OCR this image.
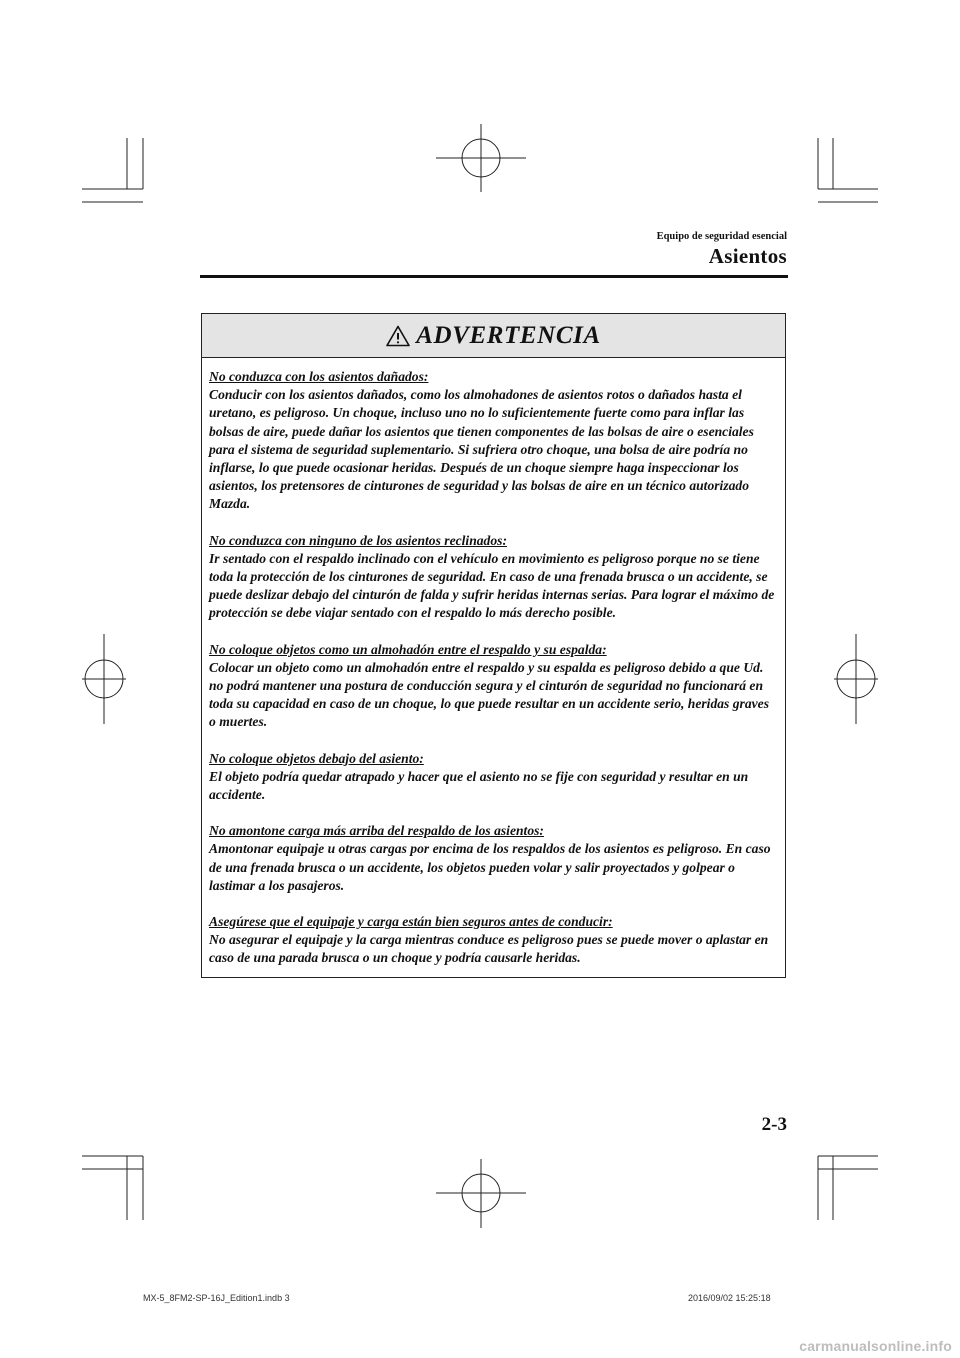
Equipo de seguridad esencial
Asientos
ADVERTENCIA
No conduzca con los asientos dañados:
Conducir con los asientos dañados, como los almohadones de asientos rotos o dañados hasta el uretano, es peligroso. Un choque, incluso uno no lo suficientemente fuerte como para inflar las bolsas de aire, puede dañar los asientos que tienen componentes de las bolsas de aire o esenciales para el sistema de seguridad suplementario. Si sufriera otro choque, una bolsa de aire podría no inflarse, lo que puede ocasionar heridas. Después de un choque siempre haga inspeccionar los asientos, los pretensores de cinturones de seguridad y las bolsas de aire en un técnico autorizado Mazda.
No conduzca con ninguno de los asientos reclinados:
Ir sentado con el respaldo inclinado con el vehículo en movimiento es peligroso porque no se tiene toda la protección de los cinturones de seguridad. En caso de una frenada brusca o un accidente, se puede deslizar debajo del cinturón de falda y sufrir heridas internas serias. Para lograr el máximo de protección se debe viajar sentado con el respaldo lo más derecho posible.
No coloque objetos como un almohadón entre el respaldo y su espalda:
Colocar un objeto como un almohadón entre el respaldo y su espalda es peligroso debido a que Ud. no podrá mantener una postura de conducción segura y el cinturón de seguridad no funcionará en toda su capacidad en caso de un choque, lo que puede resultar en un accidente serio, heridas graves o muertes.
No coloque objetos debajo del asiento:
El objeto podría quedar atrapado y hacer que el asiento no se fije con seguridad y resultar en un accidente.
No amontone carga más arriba del respaldo de los asientos:
Amontonar equipaje u otras cargas por encima de los respaldos de los asientos es peligroso. En caso de una frenada brusca o un accidente, los objetos pueden volar y salir proyectados y golpear o lastimar a los pasajeros.
Asegúrese que el equipaje y carga están bien seguros antes de conducir:
No asegurar el equipaje y la carga mientras conduce es peligroso pues se puede mover o aplastar en caso de una parada brusca o un choque y podría causarle heridas.
2-3
MX-5_8FM2-SP-16J_Edition1.indb 3	2016/09/02 15:25:18
carmanualsonline.info
